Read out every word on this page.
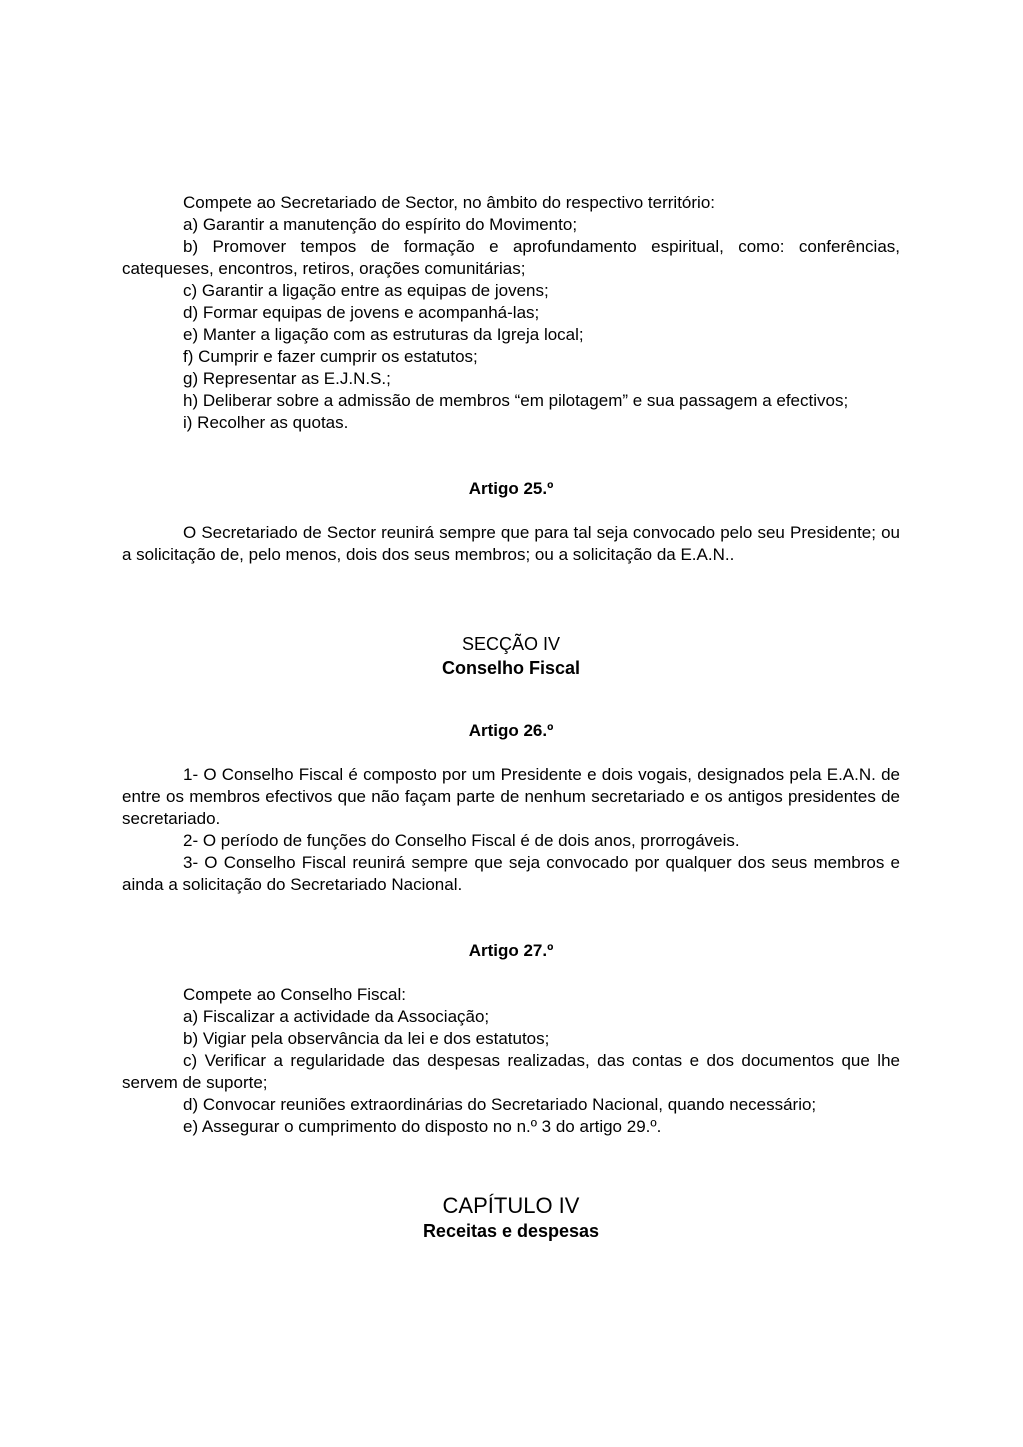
Compete ao Secretariado de Sector, no âmbito do respectivo território:

a) Garantir a manutenção do espírito do Movimento;

b) Promover tempos de formação e aprofundamento espiritual, como: conferências, catequeses, encontros, retiros, orações comunitárias;

c) Garantir a ligação entre as equipas de jovens;

d) Formar equipas de jovens e acompanhá-las;

e) Manter a ligação com as estruturas da Igreja local;

f) Cumprir e fazer cumprir os estatutos;

g) Representar as E.J.N.S.;

h) Deliberar sobre a admissão de membros “em pilotagem” e sua passagem a efectivos;

i) Recolher as quotas.

Artigo 25.º

O Secretariado de Sector reunirá sempre que para tal seja convocado pelo seu Presidente; ou a solicitação de, pelo menos, dois dos seus membros; ou a solicitação da E.A.N..

SECÇÃO IV

Conselho Fiscal

Artigo 26.º

1- O Conselho Fiscal é composto por um Presidente e dois vogais, designados pela E.A.N. de entre os membros efectivos que não façam parte de nenhum secretariado e os antigos presidentes de secretariado.

2- O período de funções do Conselho Fiscal é de dois anos, prorrogáveis.

3- O Conselho Fiscal reunirá sempre que seja convocado por qualquer dos seus membros e ainda a solicitação do Secretariado Nacional.

Artigo 27.º

Compete ao Conselho Fiscal:

a) Fiscalizar a actividade da Associação;

b) Vigiar pela observância da lei e dos estatutos;

c) Verificar a regularidade das despesas realizadas, das contas e dos documentos que lhe servem de suporte;

d) Convocar reuniões extraordinárias do Secretariado Nacional, quando necessário;

e) Assegurar o cumprimento do disposto no n.º 3 do artigo 29.º.

CAPÍTULO IV

Receitas e despesas
